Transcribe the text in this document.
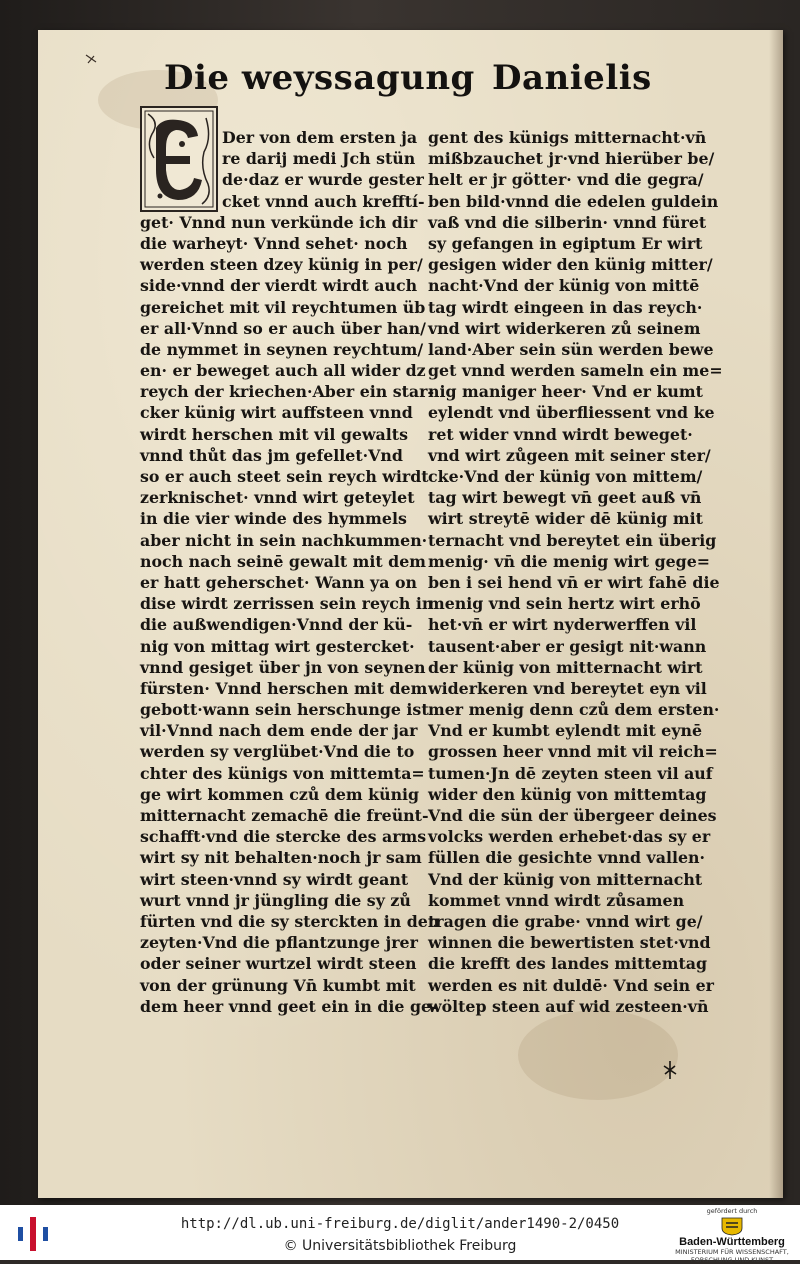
Die weyssagung Danielis
Der von dem ersten ja
re darij medi Jch stün
de·daz er wurde gester
cket vnnd auch krefftí-
get· Vnnd nun verkünde ich dir
die warheyt· Vnnd sehet· noch
werden steen dzey künig in per/
side·vnnd der vierdt wirdt auch
gereichet mit vil reychtumen üb
er all·Vnnd so er auch über han/
de nymmet in seynen reychtum/
en· er beweget auch all wider dz
reych der kriechen·Aber ein star-
cker künig wirt auffsteen vnnd
wirdt herschen mit vil gewalts
vnnd thůt das jm gefellet·Vnd
so er auch steet sein reych wirdt
zerknischet· vnnd wirt geteylet
in die vier winde des hymmels
aber nicht in sein nachkummen·
noch nach seinē gewalt mit dem
er hatt geherschet· Wann ya on
dise wirdt zerrissen sein reych in
die außwendigen·Vnnd der kü-
nig von mittag wirt gestercket·
vnnd gesiget über jn von seynen
fürsten· Vnnd herschen mit dem
gebott·wann sein herschunge ist
vil·Vnnd nach dem ende der jar
werden sy verglübet·Vnd die to
chter des künigs von mittemta=
ge wirt kommen czů dem künig
mitternacht zemachē die freünt-
schafft·vnd die stercke des arms
wirt sy nit behalten·noch jr sam
wirt steen·vnnd sy wirdt geant
wurt vnnd jr jüngling die sy zů
fürten vnd die sy sterckten in den
zeyten·Vnd die pflantzunge jrer
oder seiner wurtzel wirdt steen
von der grünung Vn̄ kumbt mit
dem heer vnnd geet ein in die ge-
gent des künigs mitternacht·vn̄
mißbzauchet jr·vnd hierüber be/
helt er jr götter· vnd die gegra/
ben bild·vnnd die edelen guldein
vaß vnd die silberin· vnnd füret
sy gefangen in egiptum Er wirt
gesigen wider den künig mitter/
nacht·Vnd der künig von mittē
tag wirdt eingeen in das reych·
vnd wirt widerkeren zů seinem
land·Aber sein sün werden bewe
get vnnd werden sameln ein me=
nig maniger heer· Vnd er kumt
eylendt vnd überfliessent vnd ke
ret wider vnnd wirdt beweget·
vnd wirt zůgeen mit seiner ster/
cke·Vnd der künig von mittem/
tag wirt bewegt vn̄ geet auß vn̄
wirt streytē wider dē künig mit
ternacht vnd bereytet ein überig
menig· vn̄ die menig wirt gege=
ben i sei hend vn̄ er wirt fahē die
menig vnd sein hertz wirt erhō
het·vn̄ er wirt nyderwerffen vil
tausent·aber er gesigt nit·wann
der künig von mitternacht wirt
widerkeren vnd bereytet eyn vil
mer menig denn czů dem ersten·
Vnd er kumbt eylendt mit eynē
grossen heer vnnd mit vil reich=
tumen·Jn dē zeyten steen vil auf
wider den künig von mittemtag
Vnd die sün der übergeer deines
volcks werden erhebet·das sy er
füllen die gesichte vnnd vallen·
Vnd der künig von mitternacht
kommet vnnd wirdt zůsamen
tragen die grabe· vnnd wirt ge/
winnen die bewertisten stet·vnd
die krefft des landes mittemtag
werden es nit duldē· Vnd sein er
wöltep steen auf wid zesteen·vn̄
http://dl.ub.uni-freiburg.de/diglit/ander1490-2/0450
© Universitätsbibliothek Freiburg
gefördert durch
Baden-Württemberg
MINISTERIUM FÜR WISSENSCHAFT, FORSCHUNG UND KUNST
